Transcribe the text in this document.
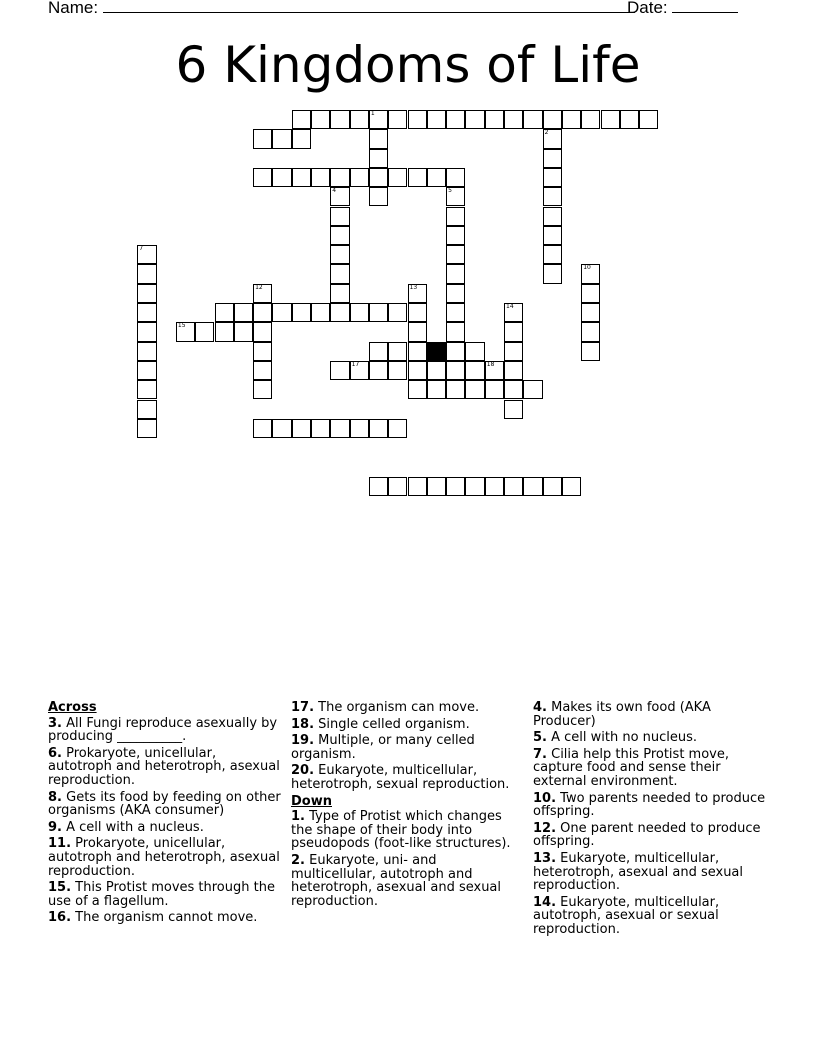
Name:	Date:
6 Kingdoms of Life
15
1
17	18
2
4	5
7
10
12	13
14
Across
3. All Fungi reproduce asexually by producing __________.
6. Prokaryote, unicellular, autotroph and heterotroph, asexual reproduction.
8. Gets its food by feeding on other organisms (AKA consumer)
9. A cell with a nucleus.
11. Prokaryote, unicellular, autotroph and heterotroph, asexual reproduction.
15. This Protist moves through the use of a flagellum.
16. The organism cannot move.
17. The organism can move.
18. Single celled organism.
19. Multiple, or many celled organism.
20. Eukaryote, multicellular, heterotroph, sexual reproduction.
Down
1. Type of Protist which changes the shape of their body into pseudopods (foot-like structures).
2. Eukaryote, uni- and multicellular, autotroph and heterotroph, asexual and sexual reproduction.
4. Makes its own food (AKA Producer)
5. A cell with no nucleus.
7. Cilia help this Protist move, capture food and sense their external environment.
10. Two parents needed to produce offspring.
12. One parent needed to produce offspring.
13. Eukaryote, multicellular, heterotroph, asexual and sexual reproduction.
14. Eukaryote, multicellular, autotroph, asexual or sexual reproduction.
